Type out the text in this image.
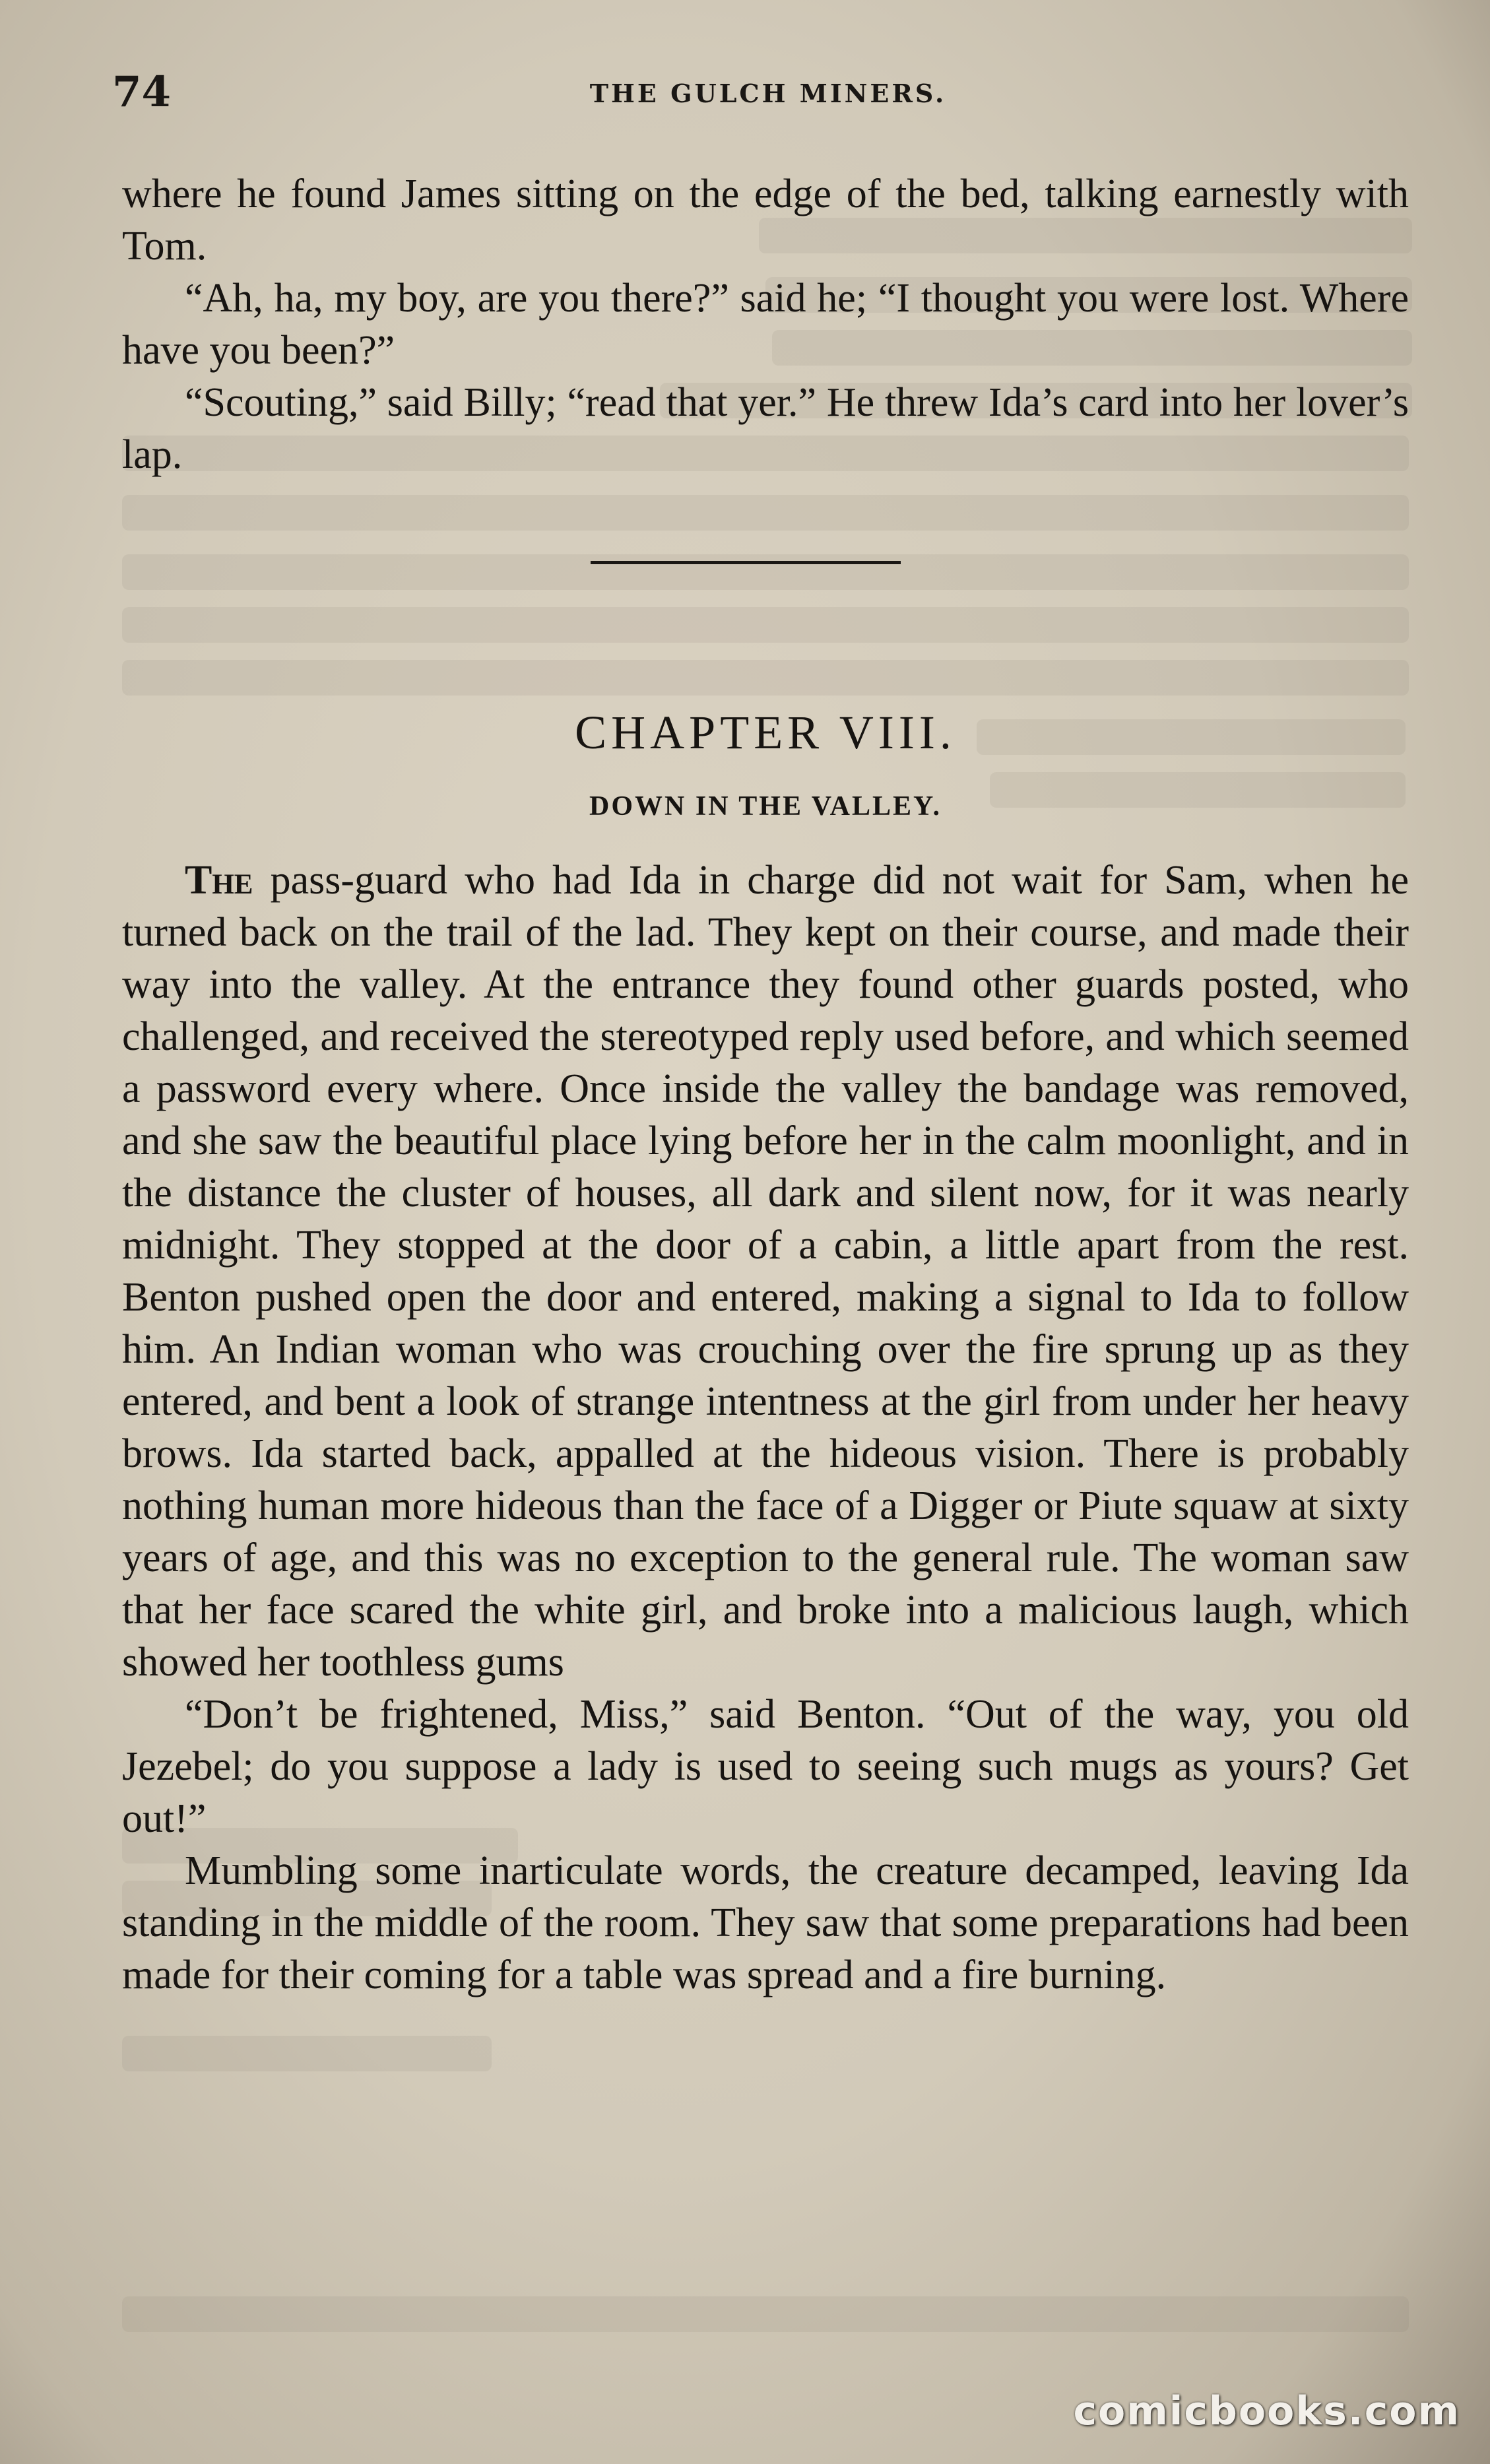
74	THE GULCH MINERS.

where he found James sitting on the edge of the bed, talking earnestly with Tom.

“Ah, ha, my boy, are you there?” said he; “I thought you were lost. Where have you been?”

“Scouting,” said Billy; “read that yer.” He threw Ida’s card into her lover’s lap.

CHAPTER VIII.
DOWN IN THE VALLEY.

The pass-guard who had Ida in charge did not wait for Sam, when he turned back on the trail of the lad. They kept on their course, and made their way into the valley. At the entrance they found other guards posted, who challenged, and received the stereotyped reply used before, and which seemed a password every where. Once inside the valley the bandage was removed, and she saw the beautiful place lying before her in the calm moonlight, and in the distance the cluster of houses, all dark and silent now, for it was nearly midnight. They stopped at the door of a cabin, a little apart from the rest. Benton pushed open the door and entered, making a signal to Ida to follow him. An Indian woman who was crouching over the fire sprung up as they entered, and bent a look of strange intentness at the girl from under her heavy brows. Ida started back, appalled at the hideous vision. There is probably nothing human more hideous than the face of a Digger or Piute squaw at sixty years of age, and this was no exception to the general rule. The woman saw that her face scared the white girl, and broke into a malicious laugh, which showed her toothless gums

“Don’t be frightened, Miss,” said Benton. “Out of the way, you old Jezebel; do you suppose a lady is used to seeing such mugs as yours? Get out!”

Mumbling some inarticulate words, the creature decamped, leaving Ida standing in the middle of the room. They saw that some preparations had been made for their coming for a table was spread and a fire burning.

comicbooks.com
